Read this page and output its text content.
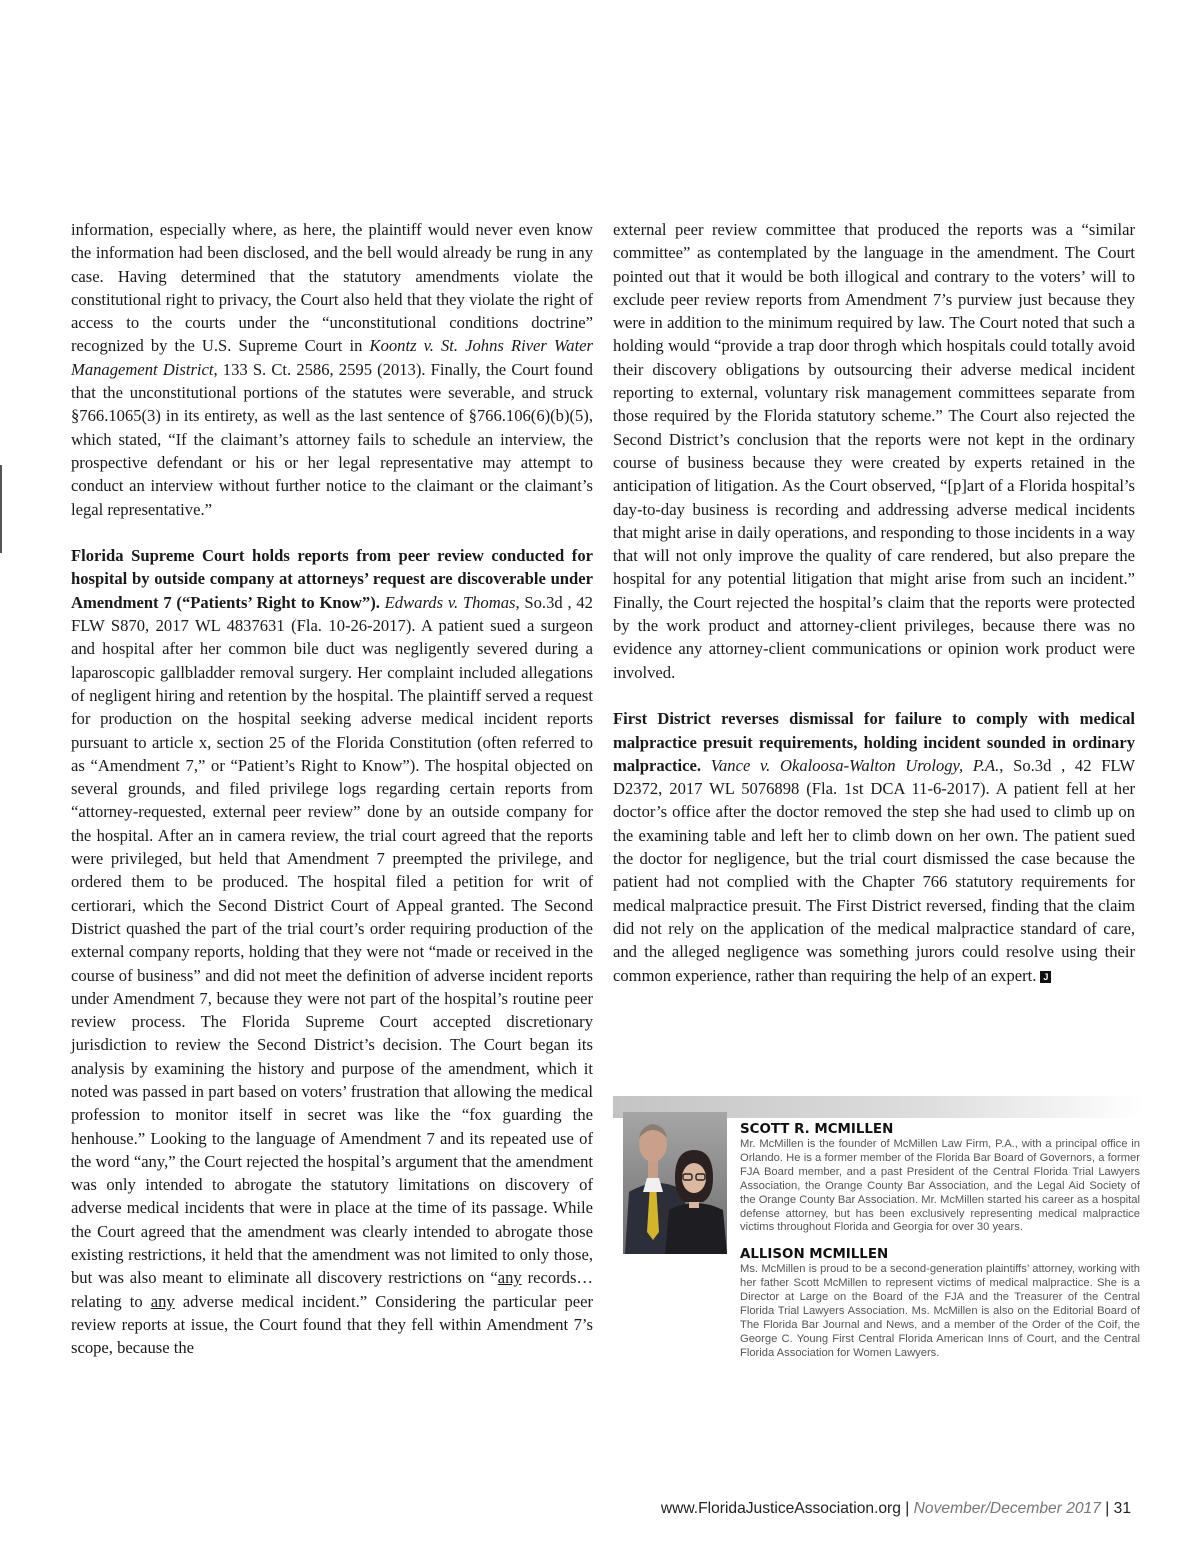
information, especially where, as here, the plaintiff would never even know the information had been disclosed, and the bell would already be rung in any case. Having determined that the statutory amendments violate the constitutional right to privacy, the Court also held that they violate the right of access to the courts under the “unconstitutional conditions doctrine” recognized by the U.S. Supreme Court in Koontz v. St. Johns River Water Management District, 133 S. Ct. 2586, 2595 (2013). Finally, the Court found that the unconstitutional portions of the statutes were severable, and struck §766.1065(3) in its entirety, as well as the last sentence of §766.106(6)(b)(5), which stated, “If the claimant’s attorney fails to schedule an interview, the prospective defendant or his or her legal representative may attempt to conduct an interview without further notice to the claimant or the claimant’s legal representative.”

Florida Supreme Court holds reports from peer review conducted for hospital by outside company at attorneys’ request are discoverable under Amendment 7 (“Patients’ Right to Know”). Edwards v. Thomas, So.3d , 42 FLW S870, 2017 WL 4837631 (Fla. 10-26-2017). A patient sued a surgeon and hospital after her common bile duct was negligently severed during a laparoscopic gallbladder removal surgery. Her complaint included allegations of negligent hiring and retention by the hospital. The plaintiff served a request for production on the hospital seeking adverse medical incident reports pursuant to article x, section 25 of the Florida Constitution (often referred to as “Amendment 7,” or “Patient’s Right to Know”). The hospital objected on several grounds, and filed privilege logs regarding certain reports from “attorney-requested, external peer review” done by an outside company for the hospital. After an in camera review, the trial court agreed that the reports were privileged, but held that Amendment 7 preempted the privilege, and ordered them to be produced. The hospital filed a petition for writ of certiorari, which the Second District Court of Appeal granted. The Second District quashed the part of the trial court’s order requiring production of the external company reports, holding that they were not “made or received in the course of business” and did not meet the definition of adverse incident reports under Amendment 7, because they were not part of the hospital’s routine peer review process. The Florida Supreme Court accepted discretionary jurisdiction to review the Second District’s decision. The Court began its analysis by examining the history and purpose of the amendment, which it noted was passed in part based on voters’ frustration that allowing the medical profession to monitor itself in secret was like the “fox guarding the henhouse.” Looking to the language of Amendment 7 and its repeated use of the word “any,” the Court rejected the hospital’s argument that the amendment was only intended to abrogate the statutory limitations on discovery of adverse medical incidents that were in place at the time of its passage. While the Court agreed that the amendment was clearly intended to abrogate those existing restrictions, it held that the amendment was not limited to only those, but was also meant to eliminate all discovery restrictions on “any records… relating to any adverse medical incident.” Considering the particular peer review reports at issue, the Court found that they fell within Amendment 7’s scope, because the

external peer review committee that produced the reports was a “similar committee” as contemplated by the language in the amendment. The Court pointed out that it would be both illogical and contrary to the voters’ will to exclude peer review reports from Amendment 7’s purview just because they were in addition to the minimum required by law. The Court noted that such a holding would “provide a trap door throgh which hospitals could totally avoid their discovery obligations by outsourcing their adverse medical incident reporting to external, voluntary risk management committees separate from those required by the Florida statutory scheme.” The Court also rejected the Second District’s conclusion that the reports were not kept in the ordinary course of business because they were created by experts retained in the anticipation of litigation. As the Court observed, “[p]art of a Florida hospital’s day-to-day business is recording and addressing adverse medical incidents that might arise in daily operations, and responding to those incidents in a way that will not only improve the quality of care rendered, but also prepare the hospital for any potential litigation that might arise from such an incident.” Finally, the Court rejected the hospital’s claim that the reports were protected by the work product and attorney-client privileges, because there was no evidence any attorney-client communications or opinion work product were involved.

First District reverses dismissal for failure to comply with medical malpractice presuit requirements, holding incident sounded in ordinary malpractice. Vance v. Okaloosa-Walton Urology, P.A., So.3d , 42 FLW D2372, 2017 WL 5076898 (Fla. 1st DCA 11-6-2017). A patient fell at her doctor’s office after the doctor removed the step she had used to climb up on the examining table and left her to climb down on her own. The patient sued the doctor for negligence, but the trial court dismissed the case because the patient had not complied with the Chapter 766 statutory requirements for medical malpractice presuit. The First District reversed, finding that the claim did not rely on the application of the medical malpractice standard of care, and the alleged negligence was something jurors could resolve using their common experience, rather than requiring the help of an expert. J

SCOTT R. MCMILLEN

Mr. McMillen is the founder of McMillen Law Firm, P.A., with a principal office in Orlando. He is a former member of the Florida Bar Board of Governors, a former FJA Board member, and a past President of the Central Florida Trial Lawyers Association, the Orange County Bar Association, and the Legal Aid Society of the Orange County Bar Association. Mr. McMillen started his career as a hospital defense attorney, but has been exclusively representing medical malpractice victims throughout Florida and Georgia for over 30 years.

ALLISON MCMILLEN

Ms. McMillen is proud to be a second-generation plaintiffs’ attorney, working with her father Scott McMillen to represent victims of medical malpractice. She is a Director at Large on the Board of the FJA and the Treasurer of the Central Florida Trial Lawyers Association. Ms. McMillen is also on the Editorial Board of The Florida Bar Journal and News, and a member of the Order of the Coif, the George C. Young First Central Florida American Inns of Court, and the Central Florida Association for Women Lawyers.

www.FloridaJusticeAssociation.org | November/December 2017 | 31
